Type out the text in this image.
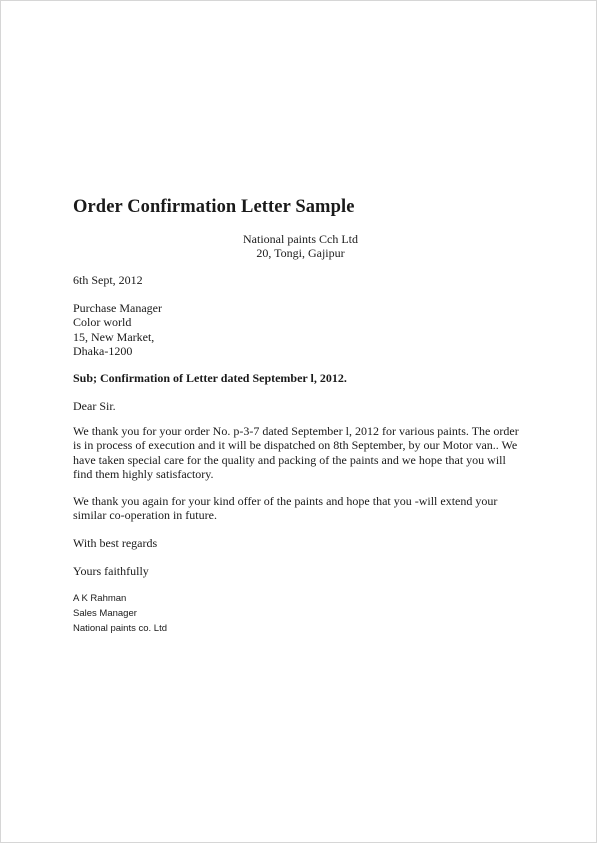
Order Confirmation Letter Sample
National paints Cch Ltd
20, Tongi, Gajipur
6th Sept, 2012
Purchase Manager
Color world
15, New Market,
Dhaka-1200
Sub; Confirmation of Letter dated September l, 2012.
Dear Sir.
We thank you for your order No. p-3-7 dated September l, 2012 for various paints. The order
is in process of execution and it will be dispatched on 8th September, by our Motor van.. We
have taken special care for the quality and packing of the paints and we hope that you will
find them highly satisfactory.
We thank you again for your kind offer of the paints and hope that you -will extend your
similar co-operation in future.
With best regards
Yours faithfully
A K Rahman
Sales Manager
National paints co. Ltd
